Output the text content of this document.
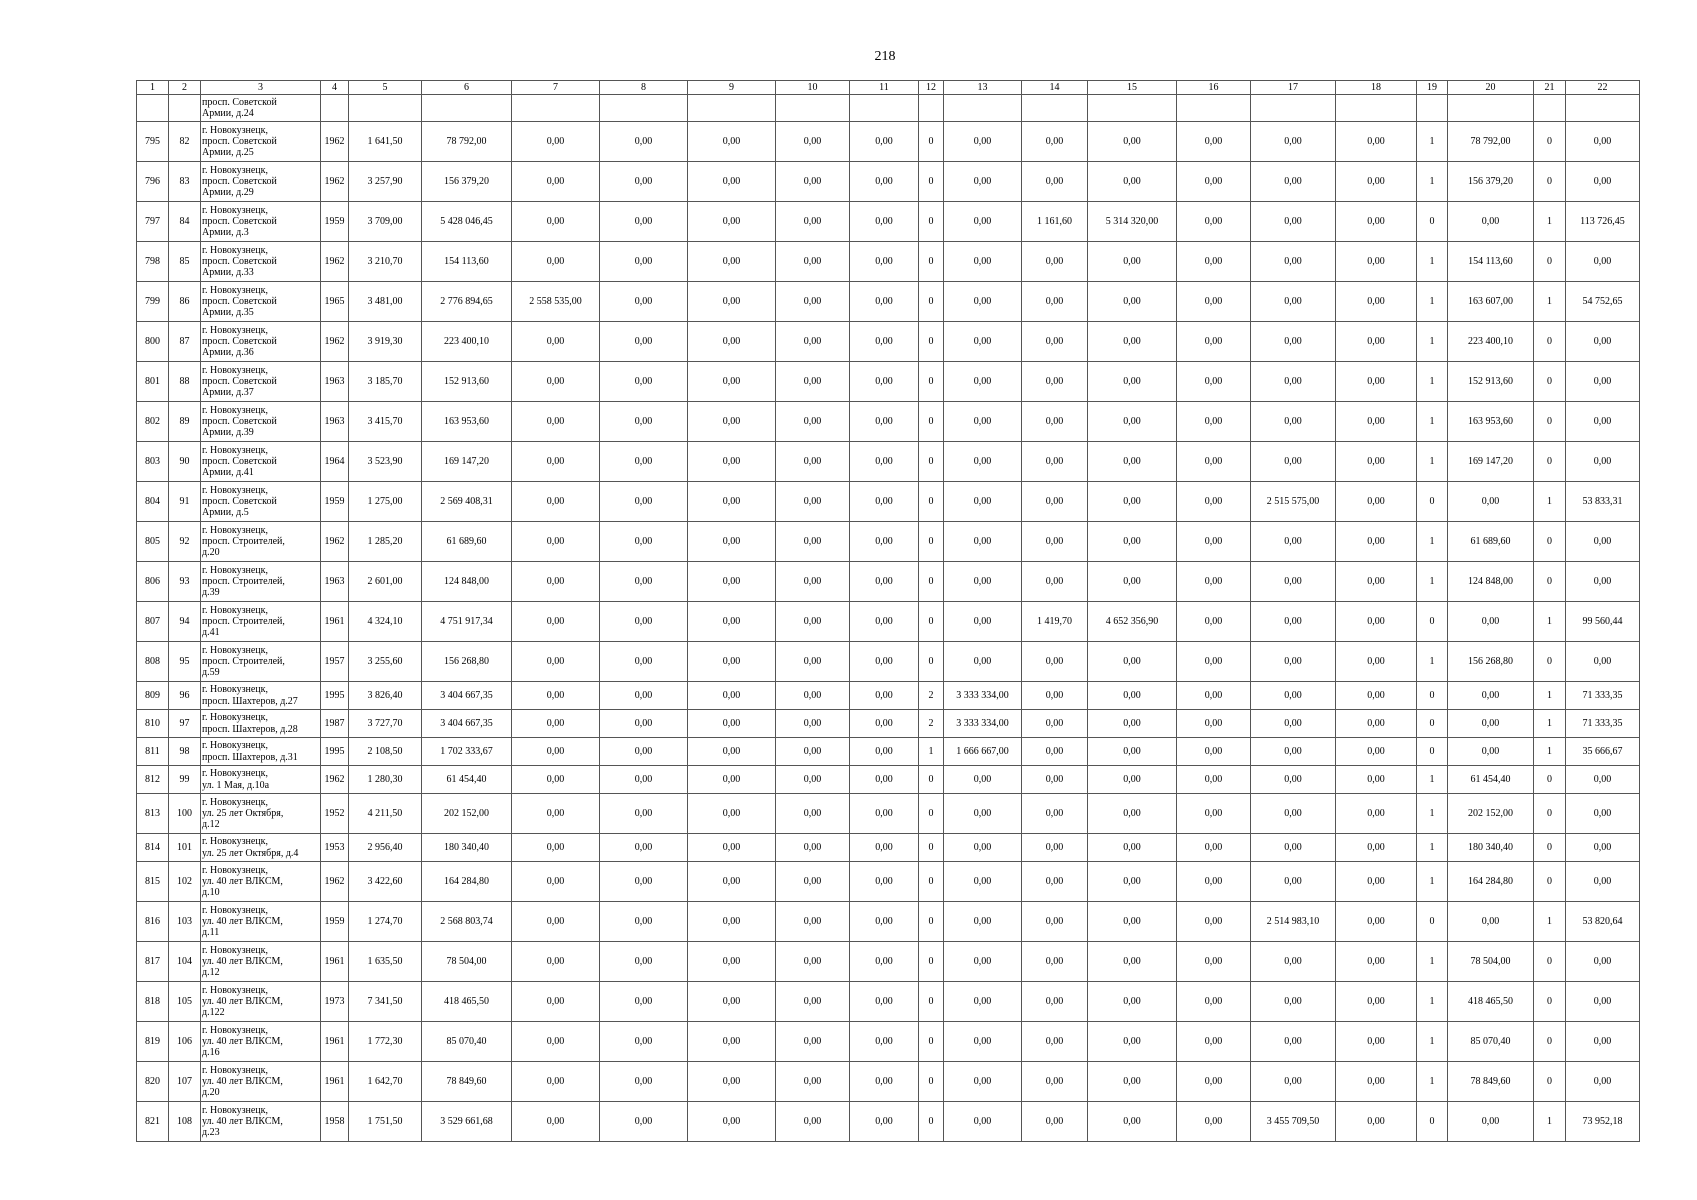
218
1	2	3	4	5	6	7	8	9	10	11	12	13	14	15	16	17	18	19	20	21	22

		просп. Советской
Армии, д.24																			

795	82	г. Новокузнецк,
просп. Советской
Армии, д.25	1962	1 641,50	78 792,00	0,00	0,00	0,00	0,00	0,00	0	0,00	0,00	0,00	0,00	0,00	0,00	1	78 792,00	0	0,00
796	83	г. Новокузнецк,
просп. Советской
Армии, д.29	1962	3 257,90	156 379,20	0,00	0,00	0,00	0,00	0,00	0	0,00	0,00	0,00	0,00	0,00	0,00	1	156 379,20	0	0,00
797	84	г. Новокузнецк,
просп. Советской
Армии, д.3	1959	3 709,00	5 428 046,45	0,00	0,00	0,00	0,00	0,00	0	0,00	1 161,60	5 314 320,00	0,00	0,00	0,00	0	0,00	1	113 726,45
798	85	г. Новокузнецк,
просп. Советской
Армии, д.33	1962	3 210,70	154 113,60	0,00	0,00	0,00	0,00	0,00	0	0,00	0,00	0,00	0,00	0,00	0,00	1	154 113,60	0	0,00
799	86	г. Новокузнецк,
просп. Советской
Армии, д.35	1965	3 481,00	2 776 894,65	2 558 535,00	0,00	0,00	0,00	0,00	0	0,00	0,00	0,00	0,00	0,00	0,00	1	163 607,00	1	54 752,65
800	87	г. Новокузнецк,
просп. Советской
Армии, д.36	1962	3 919,30	223 400,10	0,00	0,00	0,00	0,00	0,00	0	0,00	0,00	0,00	0,00	0,00	0,00	1	223 400,10	0	0,00
801	88	г. Новокузнецк,
просп. Советской
Армии, д.37	1963	3 185,70	152 913,60	0,00	0,00	0,00	0,00	0,00	0	0,00	0,00	0,00	0,00	0,00	0,00	1	152 913,60	0	0,00
802	89	г. Новокузнецк,
просп. Советской
Армии, д.39	1963	3 415,70	163 953,60	0,00	0,00	0,00	0,00	0,00	0	0,00	0,00	0,00	0,00	0,00	0,00	1	163 953,60	0	0,00
803	90	г. Новокузнецк,
просп. Советской
Армии, д.41	1964	3 523,90	169 147,20	0,00	0,00	0,00	0,00	0,00	0	0,00	0,00	0,00	0,00	0,00	0,00	1	169 147,20	0	0,00
804	91	г. Новокузнецк,
просп. Советской
Армии, д.5	1959	1 275,00	2 569 408,31	0,00	0,00	0,00	0,00	0,00	0	0,00	0,00	0,00	0,00	2 515 575,00	0,00	0	0,00	1	53 833,31
805	92	г. Новокузнецк,
просп. Строителей,
д.20	1962	1 285,20	61 689,60	0,00	0,00	0,00	0,00	0,00	0	0,00	0,00	0,00	0,00	0,00	0,00	1	61 689,60	0	0,00
806	93	г. Новокузнецк,
просп. Строителей,
д.39	1963	2 601,00	124 848,00	0,00	0,00	0,00	0,00	0,00	0	0,00	0,00	0,00	0,00	0,00	0,00	1	124 848,00	0	0,00
807	94	г. Новокузнецк,
просп. Строителей,
д.41	1961	4 324,10	4 751 917,34	0,00	0,00	0,00	0,00	0,00	0	0,00	1 419,70	4 652 356,90	0,00	0,00	0,00	0	0,00	1	99 560,44
808	95	г. Новокузнецк,
просп. Строителей,
д.59	1957	3 255,60	156 268,80	0,00	0,00	0,00	0,00	0,00	0	0,00	0,00	0,00	0,00	0,00	0,00	1	156 268,80	0	0,00
809	96	г. Новокузнецк,
просп. Шахтеров, д.27	1995	3 826,40	3 404 667,35	0,00	0,00	0,00	0,00	0,00	2	3 333 334,00	0,00	0,00	0,00	0,00	0,00	0	0,00	1	71 333,35
810	97	г. Новокузнецк,
просп. Шахтеров, д.28	1987	3 727,70	3 404 667,35	0,00	0,00	0,00	0,00	0,00	2	3 333 334,00	0,00	0,00	0,00	0,00	0,00	0	0,00	1	71 333,35
811	98	г. Новокузнецк,
просп. Шахтеров, д.31	1995	2 108,50	1 702 333,67	0,00	0,00	0,00	0,00	0,00	1	1 666 667,00	0,00	0,00	0,00	0,00	0,00	0	0,00	1	35 666,67
812	99	г. Новокузнецк,
ул. 1 Мая, д.10а	1962	1 280,30	61 454,40	0,00	0,00	0,00	0,00	0,00	0	0,00	0,00	0,00	0,00	0,00	0,00	1	61 454,40	0	0,00
813	100	г. Новокузнецк,
ул. 25 лет Октября,
д.12	1952	4 211,50	202 152,00	0,00	0,00	0,00	0,00	0,00	0	0,00	0,00	0,00	0,00	0,00	0,00	1	202 152,00	0	0,00
814	101	г. Новокузнецк,
ул. 25 лет Октября, д.4	1953	2 956,40	180 340,40	0,00	0,00	0,00	0,00	0,00	0	0,00	0,00	0,00	0,00	0,00	0,00	1	180 340,40	0	0,00
815	102	г. Новокузнецк,
ул. 40 лет ВЛКСМ,
д.10	1962	3 422,60	164 284,80	0,00	0,00	0,00	0,00	0,00	0	0,00	0,00	0,00	0,00	0,00	0,00	1	164 284,80	0	0,00
816	103	г. Новокузнецк,
ул. 40 лет ВЛКСМ,
д.11	1959	1 274,70	2 568 803,74	0,00	0,00	0,00	0,00	0,00	0	0,00	0,00	0,00	0,00	2 514 983,10	0,00	0	0,00	1	53 820,64
817	104	г. Новокузнецк,
ул. 40 лет ВЛКСМ,
д.12	1961	1 635,50	78 504,00	0,00	0,00	0,00	0,00	0,00	0	0,00	0,00	0,00	0,00	0,00	0,00	1	78 504,00	0	0,00
818	105	г. Новокузнецк,
ул. 40 лет ВЛКСМ,
д.122	1973	7 341,50	418 465,50	0,00	0,00	0,00	0,00	0,00	0	0,00	0,00	0,00	0,00	0,00	0,00	1	418 465,50	0	0,00
819	106	г. Новокузнецк,
ул. 40 лет ВЛКСМ,
д.16	1961	1 772,30	85 070,40	0,00	0,00	0,00	0,00	0,00	0	0,00	0,00	0,00	0,00	0,00	0,00	1	85 070,40	0	0,00
820	107	г. Новокузнецк,
ул. 40 лет ВЛКСМ,
д.20	1961	1 642,70	78 849,60	0,00	0,00	0,00	0,00	0,00	0	0,00	0,00	0,00	0,00	0,00	0,00	1	78 849,60	0	0,00
821	108	г. Новокузнецк,
ул. 40 лет ВЛКСМ,
д.23	1958	1 751,50	3 529 661,68	0,00	0,00	0,00	0,00	0,00	0	0,00	0,00	0,00	0,00	3 455 709,50	0,00	0	0,00	1	73 952,18
